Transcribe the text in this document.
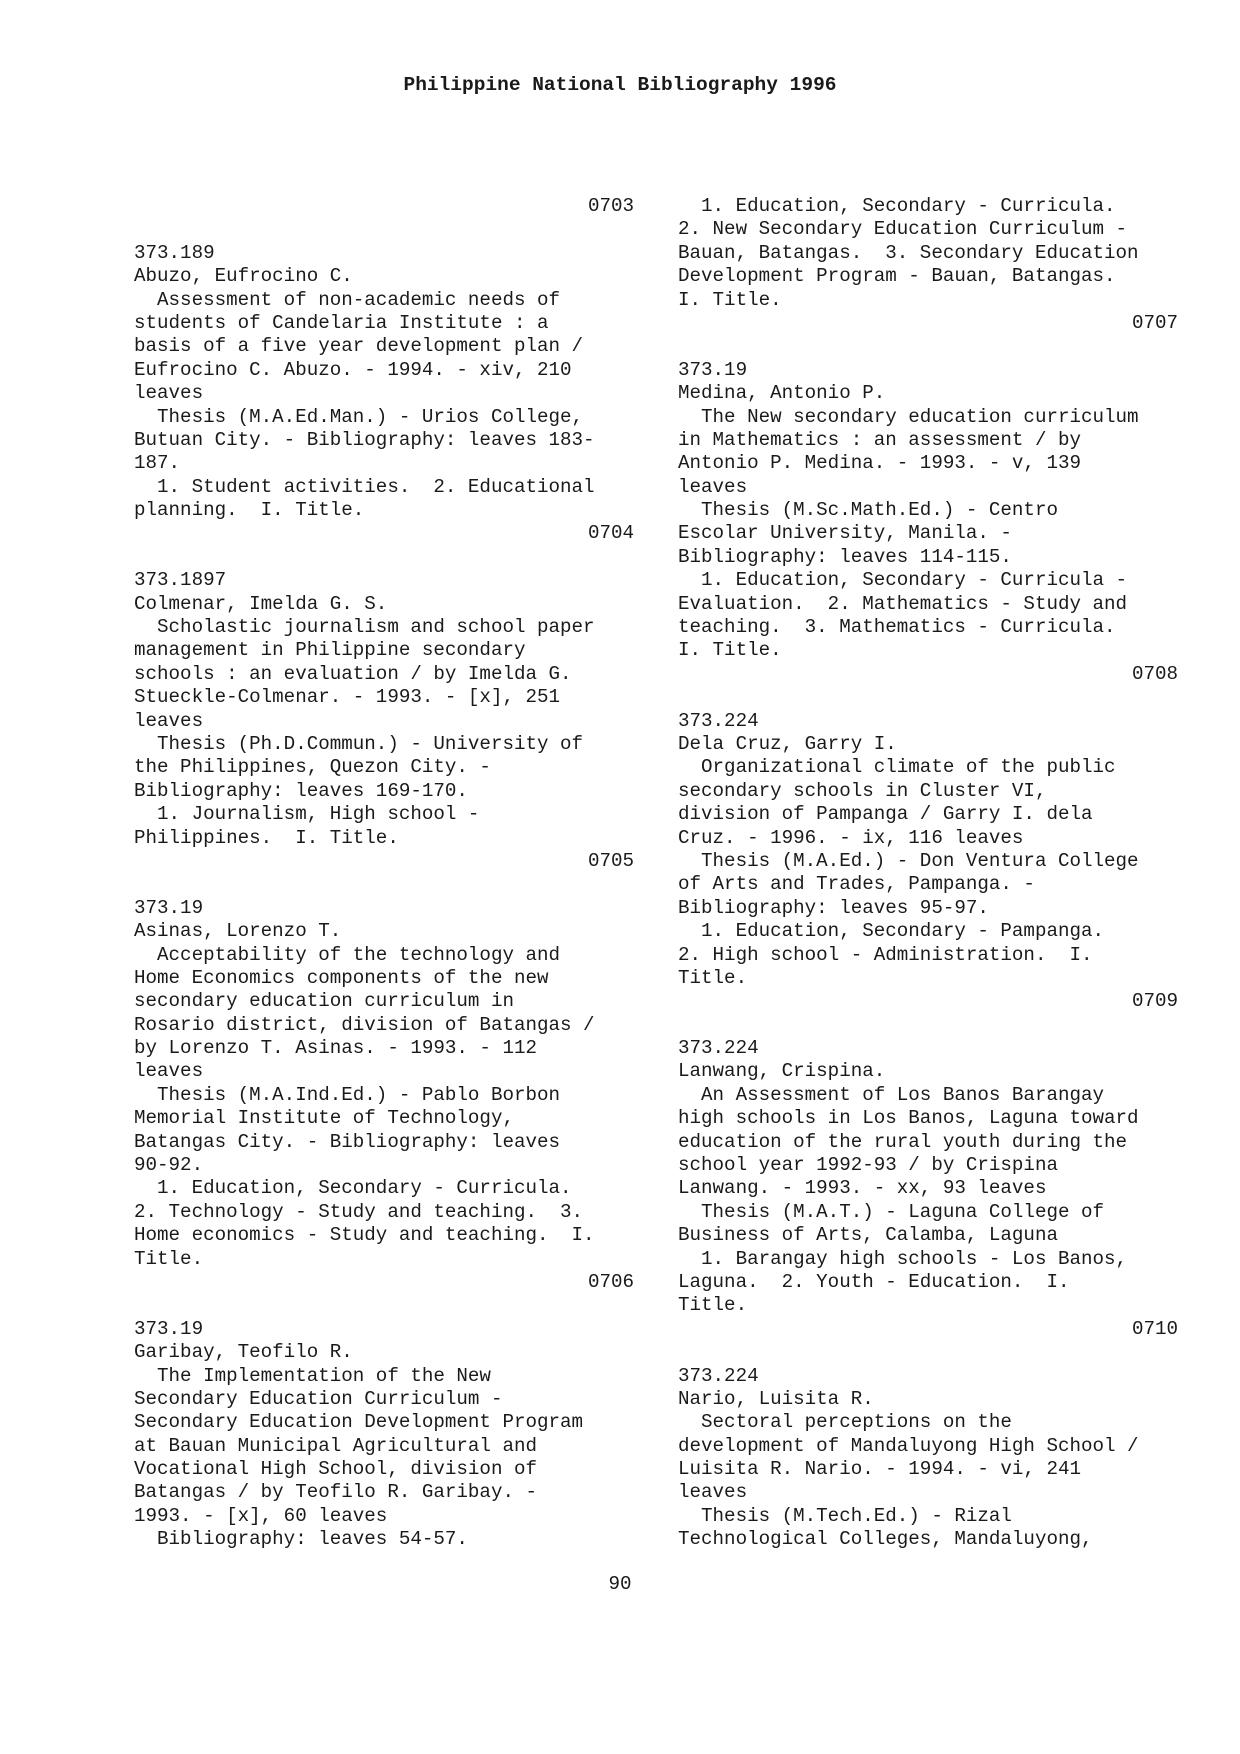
Philippine National Bibliography 1996
0703
373.189
Abuzo, Eufrocino C.
Assessment of non-academic needs of
students of Candelaria Institute : a
basis of a five year development plan /
Eufrocino C. Abuzo. - 1994. - xiv, 210
leaves
Thesis (M.A.Ed.Man.) - Urios College,
Butuan City. - Bibliography: leaves 183-
187.
1. Student activities.  2. Educational
planning.  I. Title.
0704
373.1897
Colmenar, Imelda G. S.
Scholastic journalism and school paper
management in Philippine secondary
schools : an evaluation / by Imelda G.
Stueckle-Colmenar. - 1993. - [x], 251
leaves
Thesis (Ph.D.Commun.) - University of
the Philippines, Quezon City. -
Bibliography: leaves 169-170.
1. Journalism, High school -
Philippines.  I. Title.
0705
373.19
Asinas, Lorenzo T.
Acceptability of the technology and
Home Economics components of the new
secondary education curriculum in
Rosario district, division of Batangas /
by Lorenzo T. Asinas. - 1993. - 112
leaves
Thesis (M.A.Ind.Ed.) - Pablo Borbon
Memorial Institute of Technology,
Batangas City. - Bibliography: leaves
90-92.
1. Education, Secondary - Curricula.
2. Technology - Study and teaching.  3.
Home economics - Study and teaching.  I.
Title.
0706
373.19
Garibay, Teofilo R.
The Implementation of the New
Secondary Education Curriculum -
Secondary Education Development Program
at Bauan Municipal Agricultural and
Vocational High School, division of
Batangas / by Teofilo R. Garibay. -
1993. - [x], 60 leaves
Bibliography: leaves 54-57.
1. Education, Secondary - Curricula.
2. New Secondary Education Curriculum -
Bauan, Batangas.  3. Secondary Education
Development Program - Bauan, Batangas.
I. Title.
0707
373.19
Medina, Antonio P.
The New secondary education curriculum
in Mathematics : an assessment / by
Antonio P. Medina. - 1993. - v, 139
leaves
Thesis (M.Sc.Math.Ed.) - Centro
Escolar University, Manila. -
Bibliography: leaves 114-115.
1. Education, Secondary - Curricula -
Evaluation.  2. Mathematics - Study and
teaching.  3. Mathematics - Curricula.
I. Title.
0708
373.224
Dela Cruz, Garry I.
Organizational climate of the public
secondary schools in Cluster VI,
division of Pampanga / Garry I. dela
Cruz. - 1996. - ix, 116 leaves
Thesis (M.A.Ed.) - Don Ventura College
of Arts and Trades, Pampanga. -
Bibliography: leaves 95-97.
1. Education, Secondary - Pampanga.
2. High school - Administration.  I.
Title.
0709
373.224
Lanwang, Crispina.
An Assessment of Los Banos Barangay
high schools in Los Banos, Laguna toward
education of the rural youth during the
school year 1992-93 / by Crispina
Lanwang. - 1993. - xx, 93 leaves
Thesis (M.A.T.) - Laguna College of
Business of Arts, Calamba, Laguna
1. Barangay high schools - Los Banos,
Laguna.  2. Youth - Education.  I.
Title.
0710
373.224
Nario, Luisita R.
Sectoral perceptions on the
development of Mandaluyong High School /
Luisita R. Nario. - 1994. - vi, 241
leaves
Thesis (M.Tech.Ed.) - Rizal
Technological Colleges, Mandaluyong,
90
